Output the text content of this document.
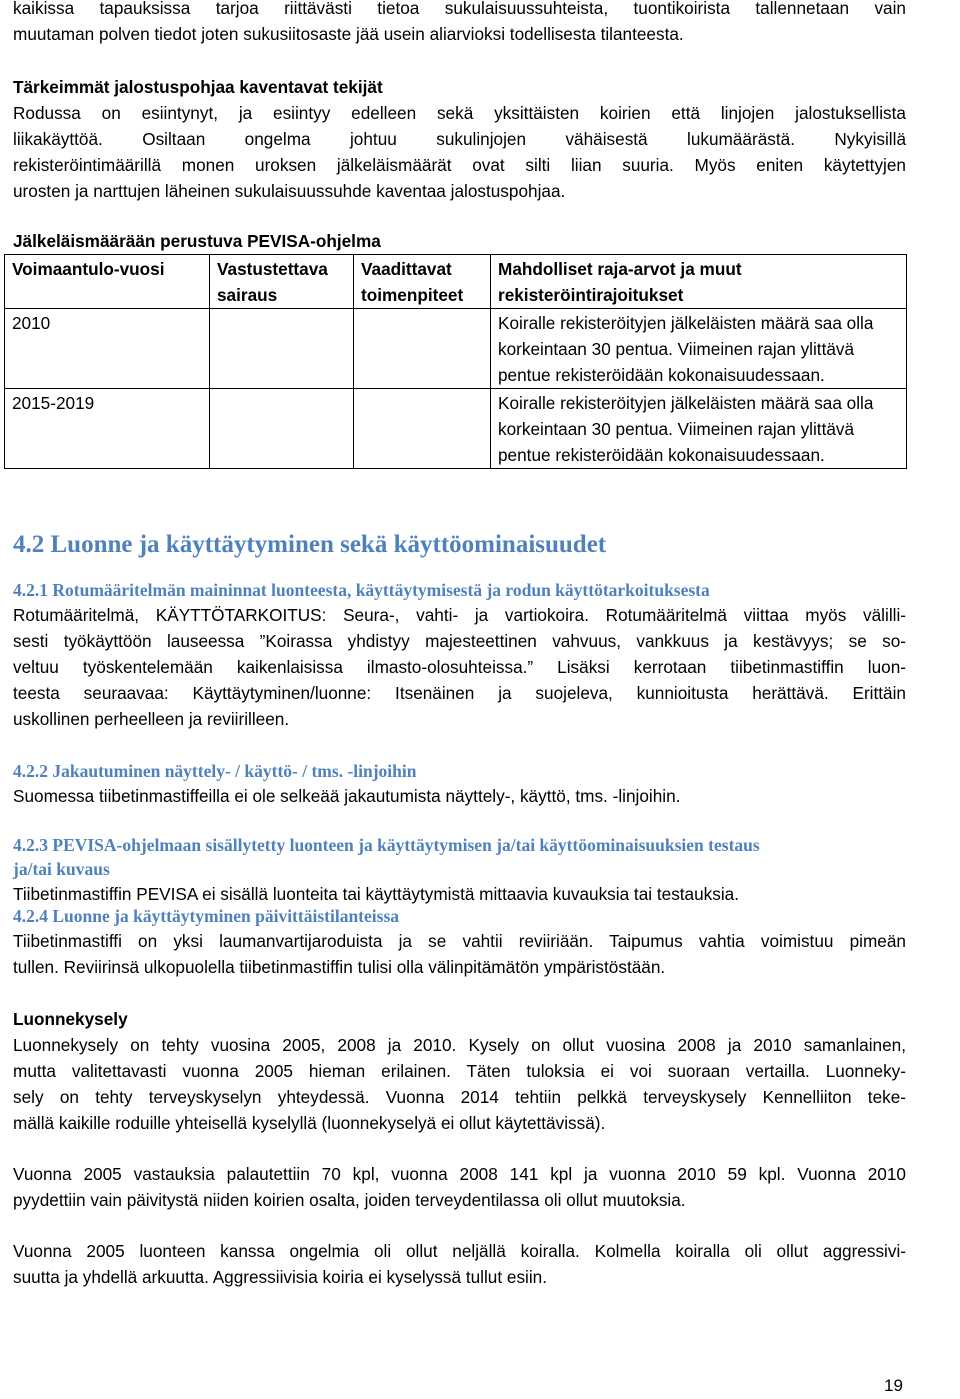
kaikissa tapauksissa tarjoa riittävästi tietoa sukulaisuussuhteista, tuontikoirista tallennetaan vain

muutaman polven tiedot joten sukusiitosaste jää usein aliarvioksi todellisesta tilanteesta.

Tärkeimmät jalostuspohjaa kaventavat tekijät

Rodussa on esiintynyt, ja esiintyy edelleen sekä yksittäisten koirien että linjojen jalostuksellista

liikakäyttöä. Osiltaan ongelma johtuu sukulinjojen vähäisestä lukumäärästä. Nykyisillä

rekisteröintimäärillä monen uroksen jälkeläismäärät ovat silti liian suuria. Myös eniten käytettyjen

urosten ja narttujen läheinen sukulaisuussuhde kaventaa jalostuspohjaa.

Jälkeläismäärään perustuva PEVISA-ohjelma

Voimaantulo-vuosi	Vastustettava sairaus	Vaadittavat toimenpiteet	Mahdolliset raja-arvot ja muut rekisteröintirajoitukset
2010			Koiralle rekisteröityjen jälkeläisten määrä saa olla korkeintaan 30 pentua. Viimeinen rajan ylittävä pentue rekisteröidään kokonaisuudessaan.
2015-2019			Koiralle rekisteröityjen jälkeläisten määrä saa olla korkeintaan 30 pentua. Viimeinen rajan ylittävä pentue rekisteröidään kokonaisuudessaan.
4.2 Luonne ja käyttäytyminen sekä käyttöominaisuudet
4.2.1 Rotumääritelmän maininnat luonteesta, käyttäytymisestä ja rodun käyttötarkoituksesta

Rotumääritelmä, KÄYTTÖTARKOITUS: Seura-, vahti- ja vartiokoira. Rotumääritelmä viittaa myös välilli-

sesti työkäyttöön lauseessa ”Koirassa yhdistyy majesteettinen vahvuus, vankkuus ja kestävyys; se so-

veltuu työskentelemään kaikenlaisissa ilmasto-olosuhteissa.” Lisäksi kerrotaan tiibetinmastiffin luon-

teesta seuraavaa: Käyttäytyminen/luonne: Itsenäinen ja suojeleva, kunnioitusta herättävä. Erittäin

uskollinen perheelleen ja reviirilleen.

4.2.2 Jakautuminen näyttely- / käyttö- / tms. -linjoihin

Suomessa tiibetinmastiffeilla ei ole selkeää jakautumista näyttely-, käyttö, tms. -linjoihin.

4.2.3 PEVISA-ohjelmaan sisällytetty luonteen ja käyttäytymisen ja/tai käyttöominaisuuksien testaus
ja/tai kuvaus

Tiibetinmastiffin PEVISA ei sisällä luonteita tai käyttäytymistä mittaavia kuvauksia tai testauksia.

4.2.4 Luonne ja käyttäytyminen päivittäistilanteissa

Tiibetinmastiffi on yksi laumanvartijaroduista ja se vahtii reviiriään. Taipumus vahtia voimistuu pimeän

tullen. Reviirinsä ulkopuolella tiibetinmastiffin tulisi olla välinpitämätön ympäristöstään.

Luonnekysely

Luonnekysely on tehty vuosina 2005, 2008 ja 2010. Kysely on ollut vuosina 2008 ja 2010 samanlainen,

mutta valitettavasti vuonna 2005 hieman erilainen. Täten tuloksia ei voi suoraan vertailla. Luonneky-

sely on tehty terveyskyselyn yhteydessä. Vuonna 2014 tehtiin pelkkä terveyskysely Kennelliiton teke-

mällä kaikille roduille yhteisellä kyselyllä (luonnekyselyä ei ollut käytettävissä).

Vuonna 2005 vastauksia palautettiin 70 kpl, vuonna 2008 141 kpl ja vuonna 2010 59 kpl. Vuonna 2010

pyydettiin vain päivitystä niiden koirien osalta, joiden terveydentilassa oli ollut muutoksia.

Vuonna 2005 luonteen kanssa ongelmia oli ollut neljällä koiralla. Kolmella koiralla oli ollut aggressivi-

suutta ja yhdellä arkuutta. Aggressiivisia koiria ei kyselyssä tullut esiin.

19
